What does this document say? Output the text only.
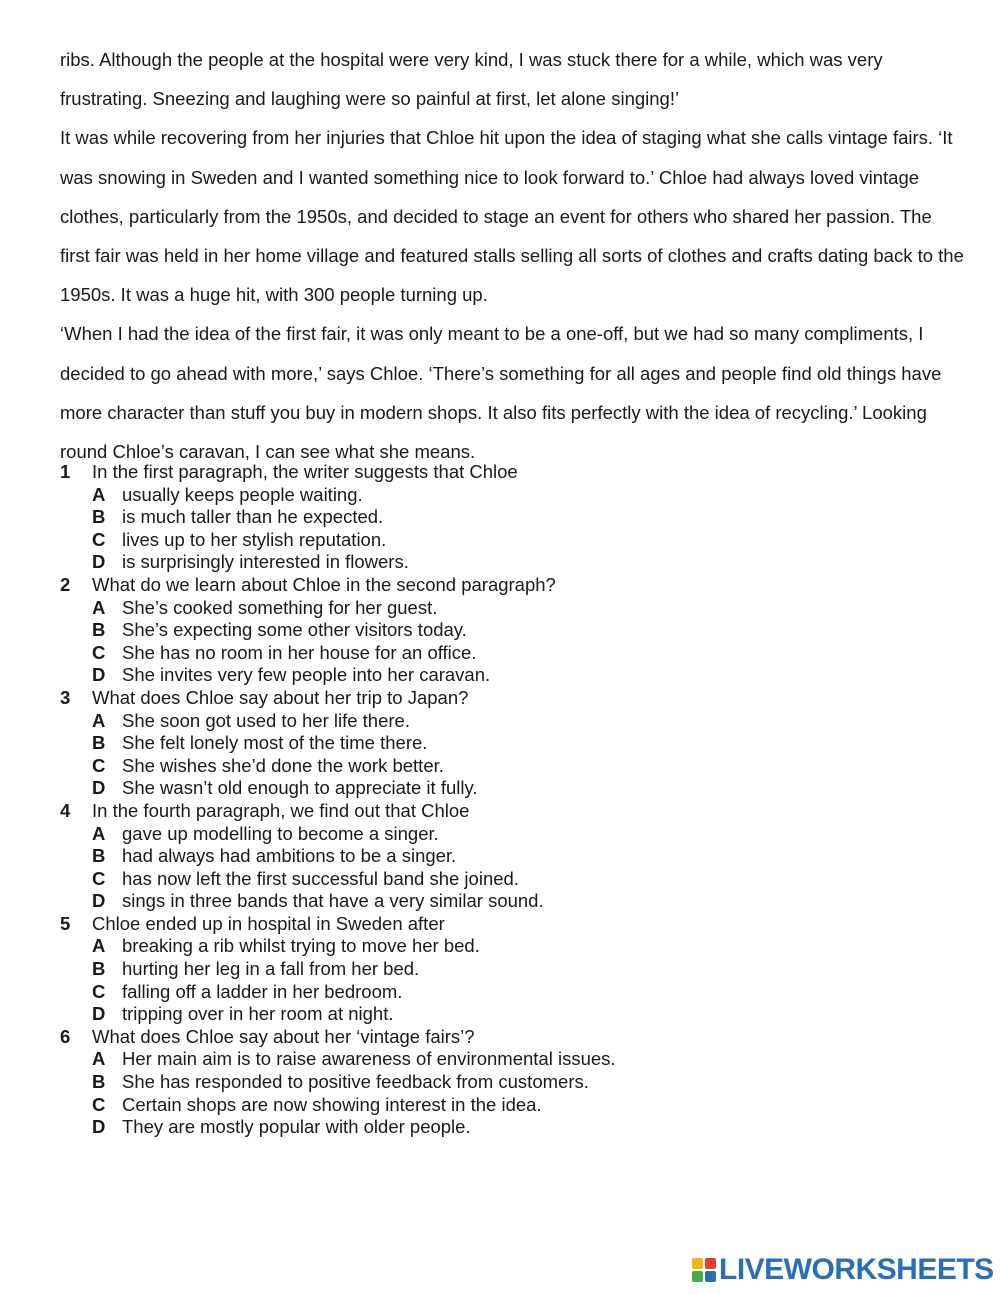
ribs. Although the people at the hospital were very kind, I was stuck there for a while, which was very frustrating. Sneezing and laughing were so painful at first, let alone singing!’

It was while recovering from her injuries that Chloe hit upon the idea of staging what she calls vintage fairs. ‘It was snowing in Sweden and I wanted something nice to look forward to.’ Chloe had always loved vintage clothes, particularly from the 1950s, and decided to stage an event for others who shared her passion. The first fair was held in her home village and featured stalls selling all sorts of clothes and crafts dating back to the 1950s. It was a huge hit, with 300 people turning up.

‘When I had the idea of the first fair, it was only meant to be a one-off, but we had so many compliments, I decided to go ahead with more,’ says Chloe. ‘There’s something for all ages and people find old things have more character than stuff you buy in modern shops. It also fits perfectly with the idea of recycling.’ Looking round Chloe’s caravan, I can see what she means.

1	In the first paragraph, the writer suggests that Chloe
A usually keeps people waiting.
B is much taller than he expected.
C lives up to her stylish reputation.
D is surprisingly interested in flowers.
2	What do we learn about Chloe in the second paragraph?
A She’s cooked something for her guest.
B She’s expecting some other visitors today.
C She has no room in her house for an office.
D She invites very few people into her caravan.
3	What does Chloe say about her trip to Japan?
A She soon got used to her life there.
B She felt lonely most of the time there.
C She wishes she’d done the work better.
D She wasn’t old enough to appreciate it fully.
4	In the fourth paragraph, we find out that Chloe
A gave up modelling to become a singer.
B had always had ambitions to be a singer.
C has now left the first successful band she joined.
D sings in three bands that have a very similar sound.
5	Chloe ended up in hospital in Sweden after
A breaking a rib whilst trying to move her bed.
B hurting her leg in a fall from her bed.
C falling off a ladder in her bedroom.
D tripping over in her room at night.
6	What does Chloe say about her ‘vintage fairs’?
A Her main aim is to raise awareness of environmental issues.
B She has responded to positive feedback from customers.
C Certain shops are now showing interest in the idea.
D They are mostly popular with older people.
LIVEWORKSHEETS
